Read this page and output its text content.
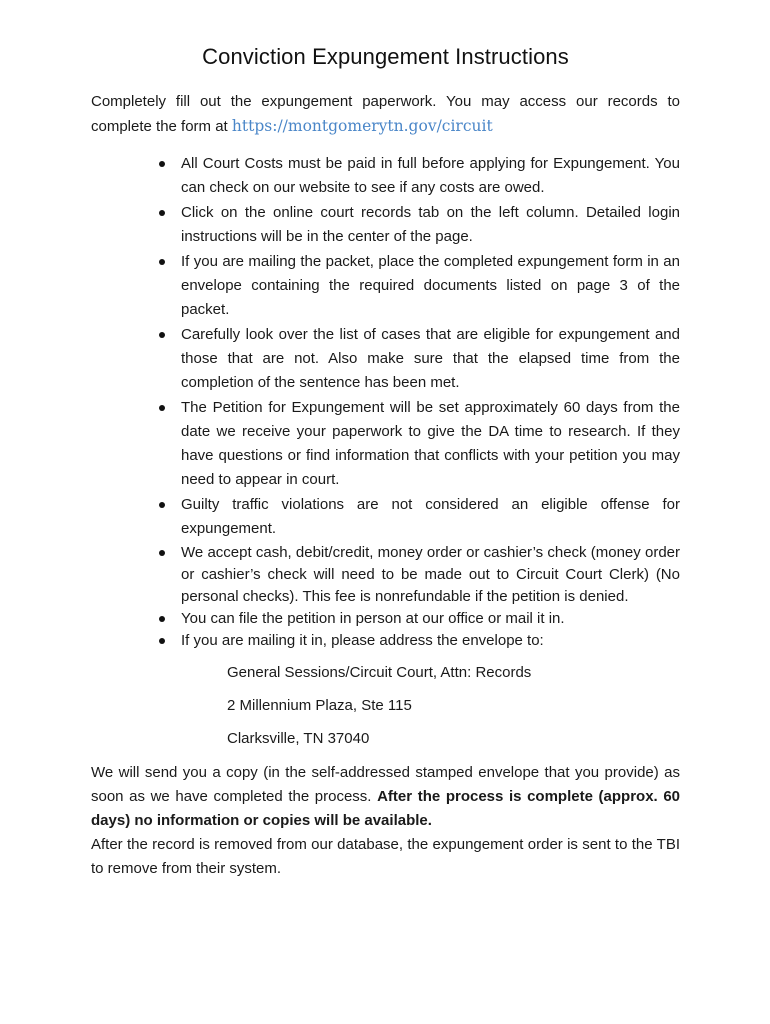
Conviction Expungement Instructions

Completely fill out the expungement paperwork. You may access our records to complete the form at https://montgomerytn.gov/circuit

All Court Costs must be paid in full before applying for Expungement. You can check on our website to see if any costs are owed.
Click on the online court records tab on the left column. Detailed login instructions will be in the center of the page.
If you are mailing the packet, place the completed expungement form in an envelope containing the required documents listed on page 3 of the packet.
Carefully look over the list of cases that are eligible for expungement and those that are not. Also make sure that the elapsed time from the completion of the sentence has been met.
The Petition for Expungement will be set approximately 60 days from the date we receive your paperwork to give the DA time to research. If they have questions or find information that conflicts with your petition you may need to appear in court.
Guilty traffic violations are not considered an eligible offense for expungement.
We accept cash, debit/credit, money order or cashier’s check (money order or cashier’s check will need to be made out to Circuit Court Clerk) (No personal checks). This fee is nonrefundable if the petition is denied.
You can file the petition in person at our office or mail it in.
If you are mailing it in, please address the envelope to:
General Sessions/Circuit Court, Attn: Records
2 Millennium Plaza, Ste 115
Clarksville, TN 37040

We will send you a copy (in the self-addressed stamped envelope that you provide) as soon as we have completed the process. After the process is complete (approx. 60 days) no information or copies will be available.

After the record is removed from our database, the expungement order is sent to the TBI to remove from their system.
